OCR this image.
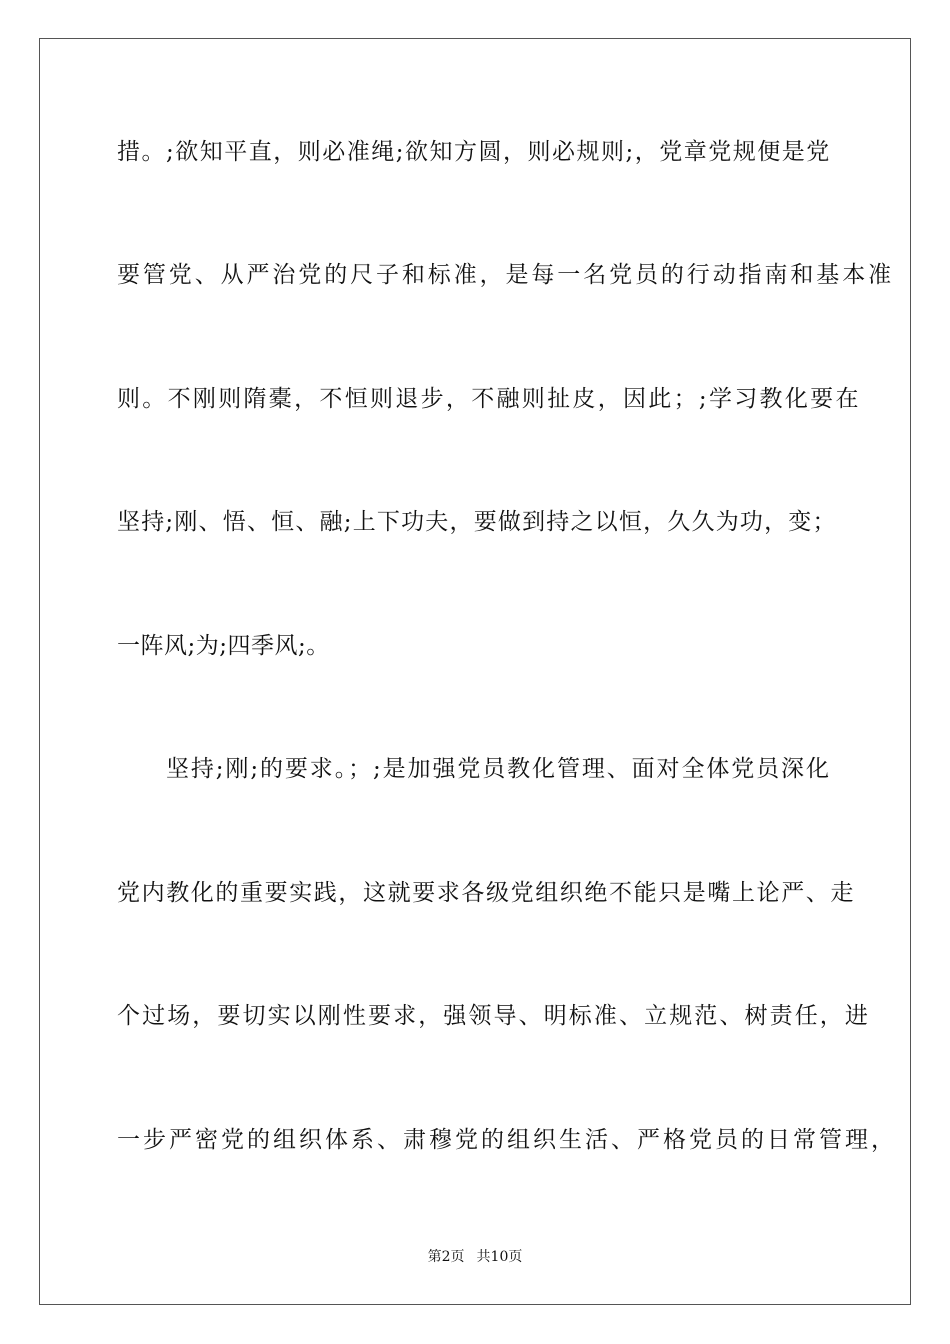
措。;欲知平直，则必准绳;欲知方圆，则必规则;，党章党规便是党
要管党、从严治党的尺子和标准，是每一名党员的行动指南和基本准
则。不刚则隋橐，不恒则退步，不融则扯皮，因此；;学习教化要在
坚持;刚、悟、恒、融;上下功夫，要做到持之以恒，久久为功，变；
一阵风;为;四季风;。
坚持;刚;的要求。；;是加强党员教化管理、面对全体党员深化
党内教化的重要实践，这就要求各级党组织绝不能只是嘴上论严、走
个过场，要切实以刚性要求，强领导、明标准、立规范、树责任，进
一步严密党的组织体系、肃穆党的组织生活、严格党员的日常管理，
第2页 共10页
